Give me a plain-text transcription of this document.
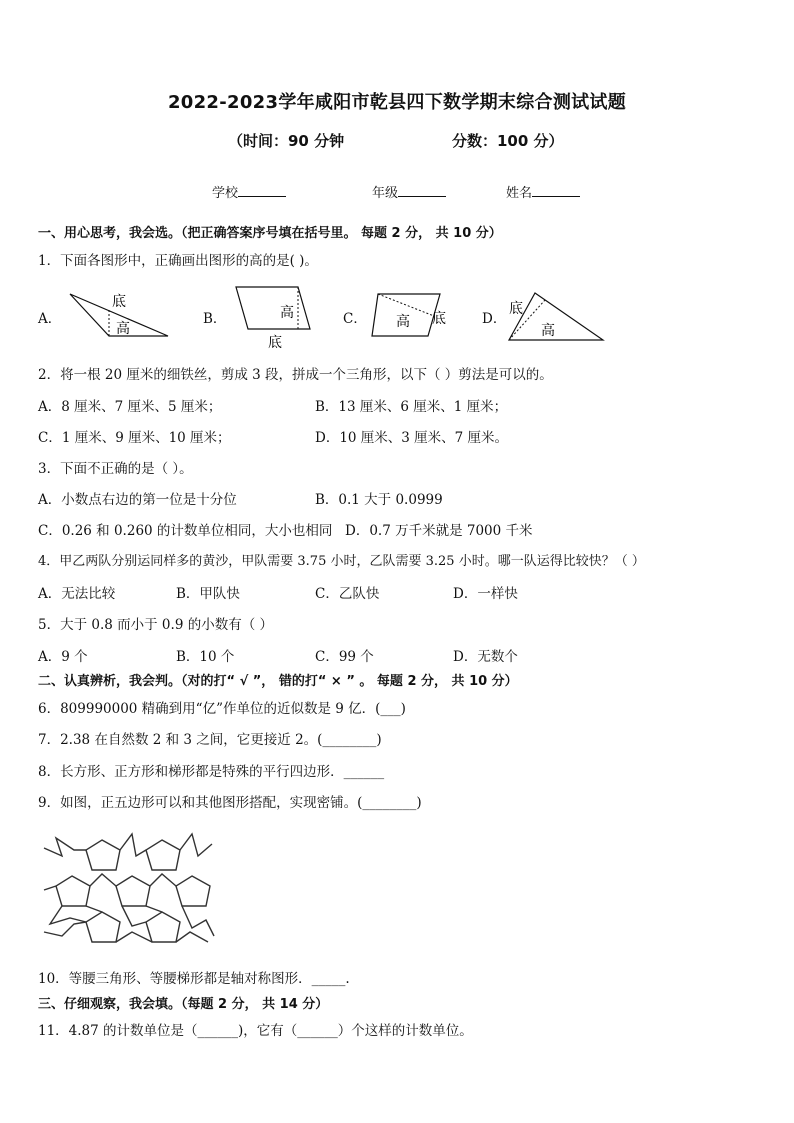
2022-2023学年咸阳市乾县四下数学期末综合测试试题
（时间：90 分钟	分数：100 分）
学校	年级	姓名
一、用心思考，我会选。（把正确答案序号填在括号里。 每题 2 分， 共 10 分）
1．下面各图形中，正确画出图形的高的是( )。
A．	B．	C．	D．
底
高
高
底
高 底
底
高
2．将一根 20 厘米的细铁丝，剪成 3 段，拼成一个三角形，以下（ ）剪法是可以的。
A．8 厘米、7 厘米、5 厘米；	B．13 厘米、6 厘米、1 厘米；
C．1 厘米、9 厘米、10 厘米；	D．10 厘米、3 厘米、7 厘米。
3．下面不正确的是（ ）。
A．小数点右边的第一位是十分位	B．0.1 大于 0.0999
C．0.26 和 0.260 的计数单位相同，大小也相同 D．0.7 万千米就是 7000 千米
4．甲乙两队分别运同样多的黄沙，甲队需要 3.75 小时，乙队需要 3.25 小时。哪一队运得比较快？（ ）
A．无法比较	B．甲队快	C．乙队快	D．一样快
5．大于 0.8 而小于 0.9 的小数有（ ）
A．9 个	B．10 个	C．99 个	D．无数个
二、认真辨析，我会判。（对的打“ √ ”， 错的打“ × ” 。 每题 2 分， 共 10 分）
6．809990000 精确到用“亿”作单位的近似数是 9 亿．(___)
7．2.38 在自然数 2 和 3 之间，它更接近 2。(________)
8．长方形、正方形和梯形都是特殊的平行四边形．______
9．如图，正五边形可以和其他图形搭配，实现密铺。(________)
10．等腰三角形、等腰梯形都是轴对称图形．_____.
三、仔细观察，我会填。（每题 2 分， 共 14 分）
11．4.87 的计数单位是（______)，它有（______）个这样的计数单位。
